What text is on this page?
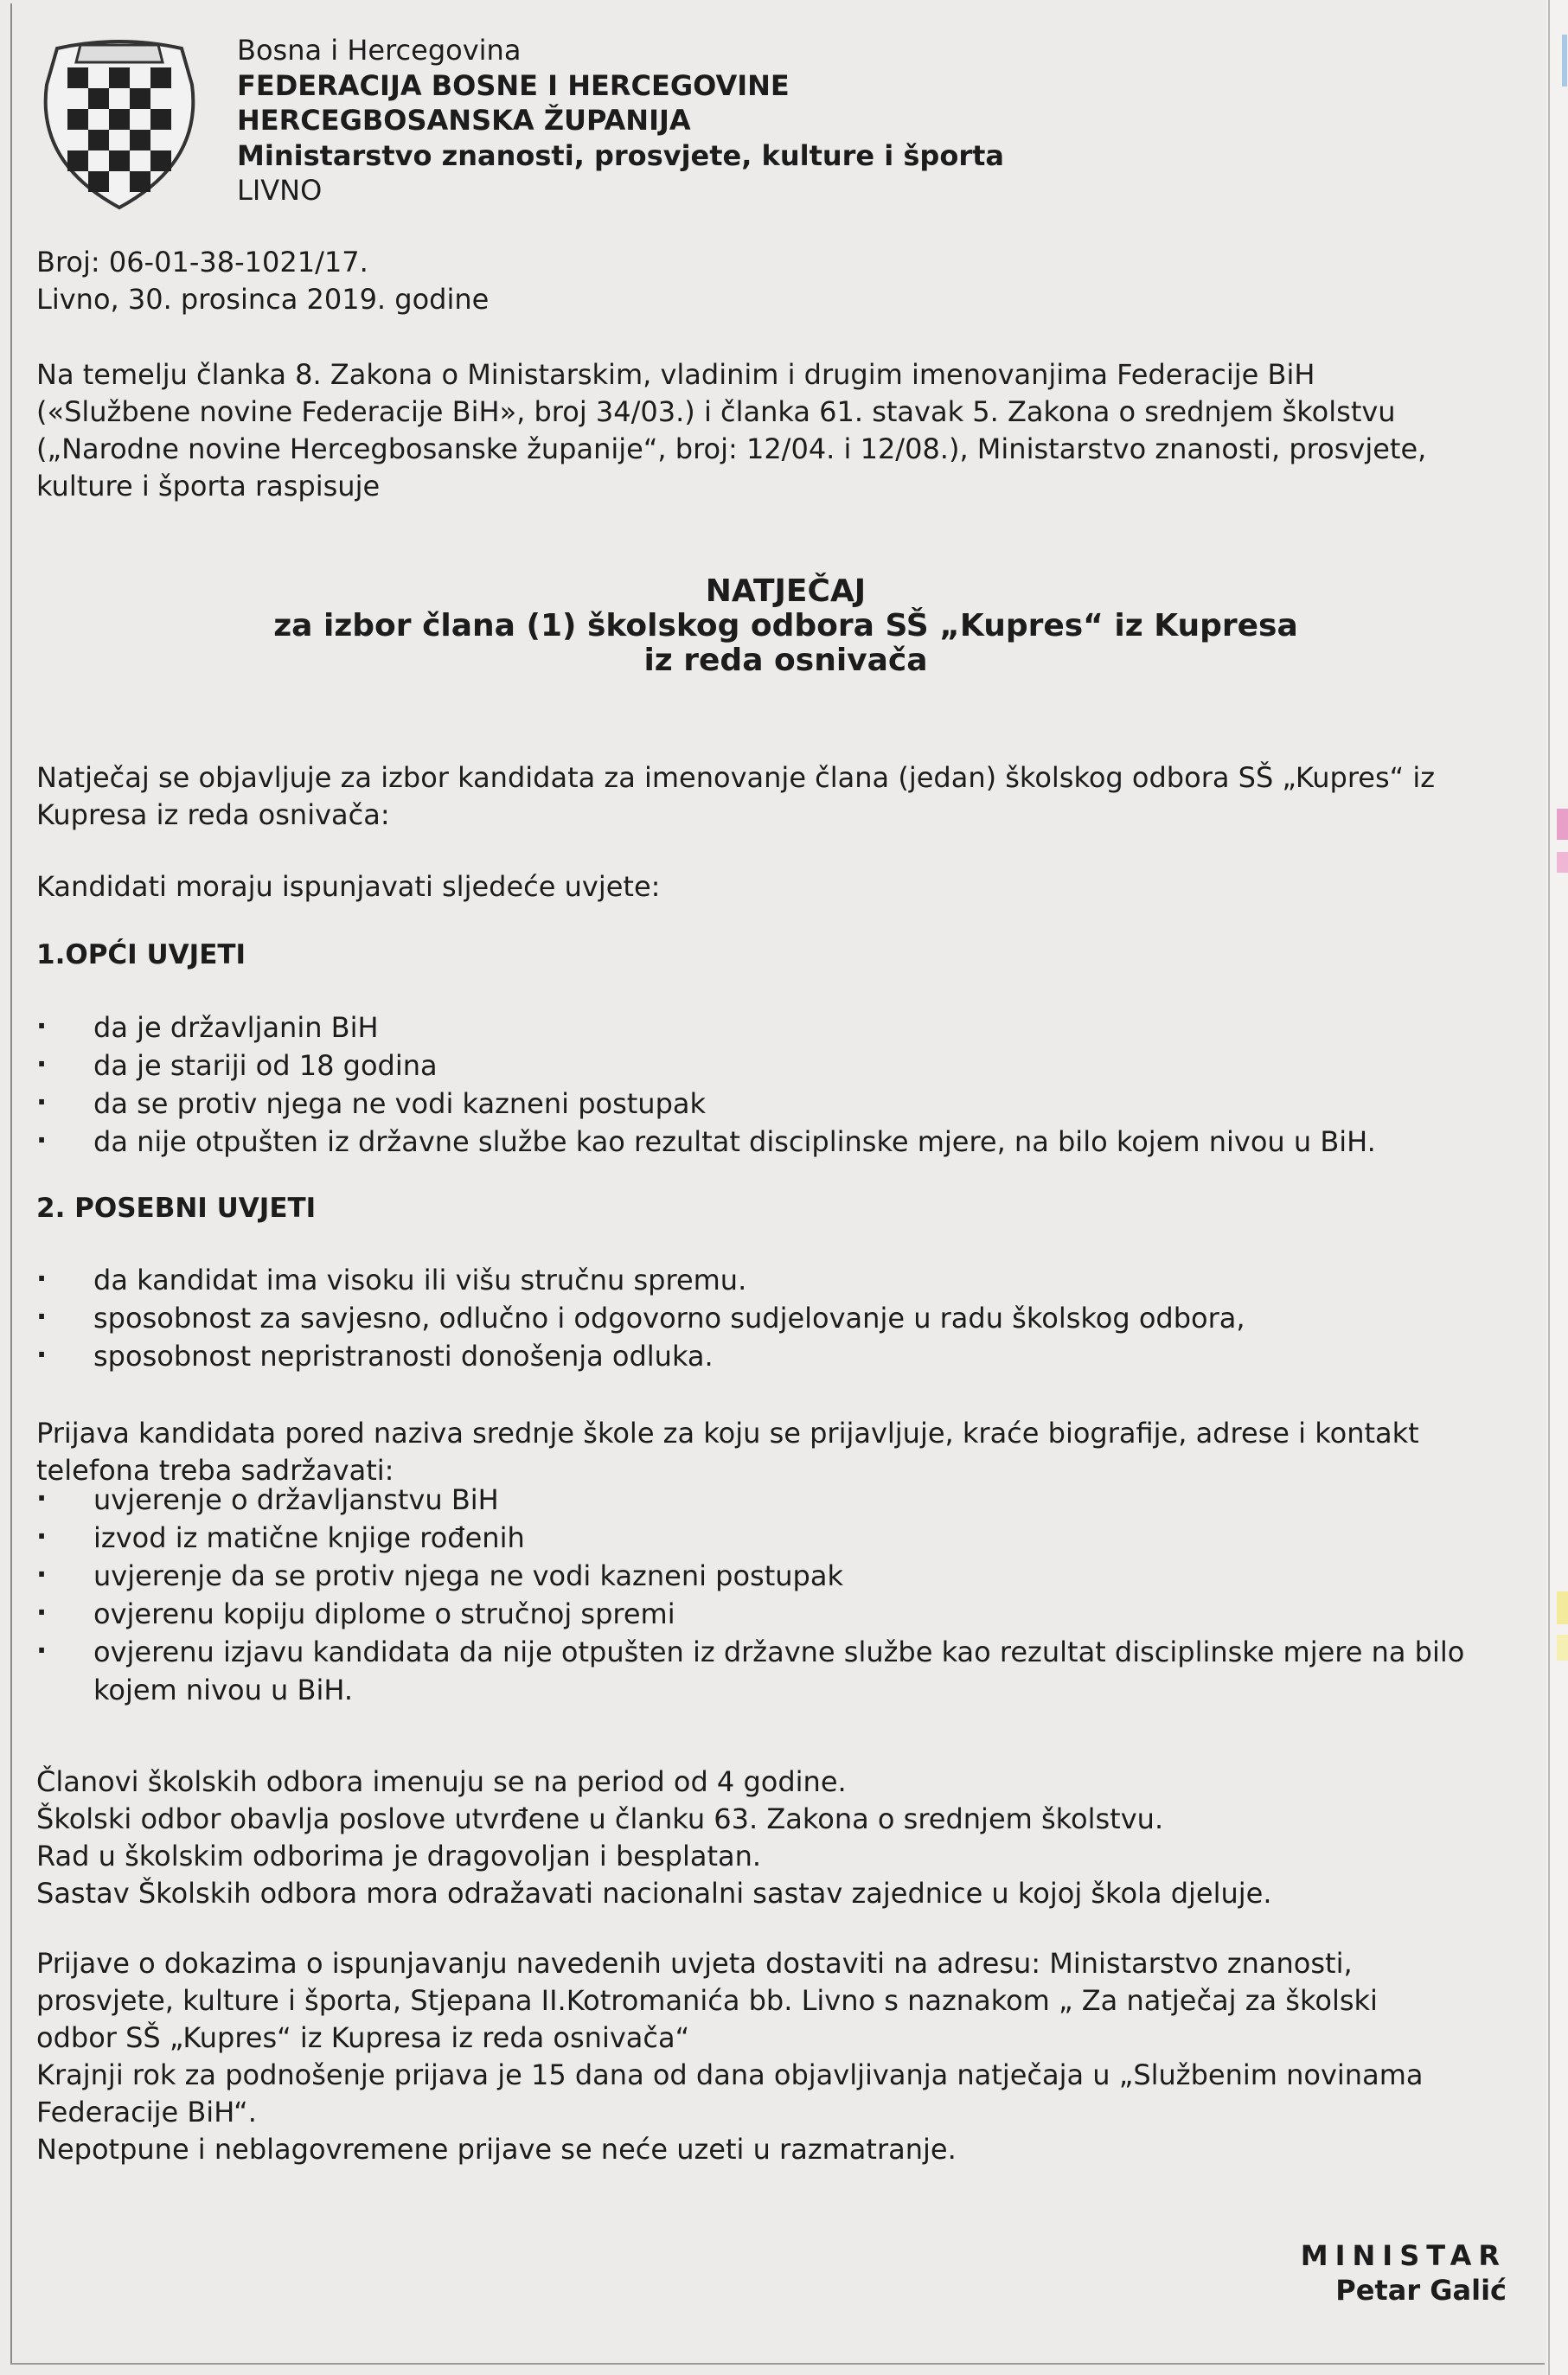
Bosna i Hercegovina
FEDERACIJA BOSNE I HERCEGOVINE
HERCEGBOSANSKA ŽUPANIJA
Ministarstvo znanosti, prosvjete, kulture i športa
LIVNO
Broj: 06-01-38-1021/17.
Livno, 30. prosinca 2019. godine
Na temelju članka 8. Zakona o Ministarskim, vladinim i drugim imenovanjima Federacije BiH
(«Službene novine Federacije BiH», broj 34/03.) i članka 61. stavak 5. Zakona o srednjem školstvu
(„Narodne novine Hercegbosanske županije“, broj: 12/04. i 12/08.), Ministarstvo znanosti, prosvjete,
kulture i športa raspisuje
NATJEČAJ
za izbor člana (1) školskog odbora SŠ „Kupres“ iz Kupresa
iz reda osnivača
Natječaj se objavljuje za izbor kandidata za imenovanje člana (jedan) školskog odbora SŠ „Kupres“ iz
Kupresa iz reda osnivača:
Kandidati moraju ispunjavati sljedeće uvjete:
1.OPĆI UVJETI
· da je državljanin BiH
· da je stariji od 18 godina
· da se protiv njega ne vodi kazneni postupak
· da nije otpušten iz državne službe kao rezultat disciplinske mjere, na bilo kojem nivou u BiH.
2. POSEBNI UVJETI
· da kandidat ima visoku ili višu stručnu spremu.
· sposobnost za savjesno, odlučno i odgovorno sudjelovanje u radu školskog odbora,
· sposobnost nepristranosti donošenja odluka.
Prijava kandidata pored naziva srednje škole za koju se prijavljuje, kraće biografije, adrese i kontakt
telefona treba sadržavati:
· uvjerenje o državljanstvu BiH
· izvod iz matične knjige rođenih
· uvjerenje da se protiv njega ne vodi kazneni postupak
· ovjerenu kopiju diplome o stručnoj spremi
· ovjerenu izjavu kandidata da nije otpušten iz državne službe kao rezultat disciplinske mjere na bilo kojem nivou u BiH.
Članovi školskih odbora imenuju se na period od 4 godine.
Školski odbor obavlja poslove utvrđene u članku 63. Zakona o srednjem školstvu.
Rad u školskim odborima je dragovoljan i besplatan.
Sastav Školskih odbora mora odražavati nacionalni sastav zajednice u kojoj škola djeluje.
Prijave o dokazima o ispunjavanju navedenih uvjeta dostaviti na adresu: Ministarstvo znanosti,
prosvjete, kulture i športa, Stjepana II.Kotromanića bb. Livno s naznakom „ Za natječaj za školski
odbor SŠ „Kupres“ iz Kupresa iz reda osnivača“
Krajnji rok za podnošenje prijava je 15 dana od dana objavljivanja natječaja u „Službenim novinama
Federacije BiH“.
Nepotpune i neblagovremene prijave se neće uzeti u razmatranje.
MINISTAR
Petar Galić
